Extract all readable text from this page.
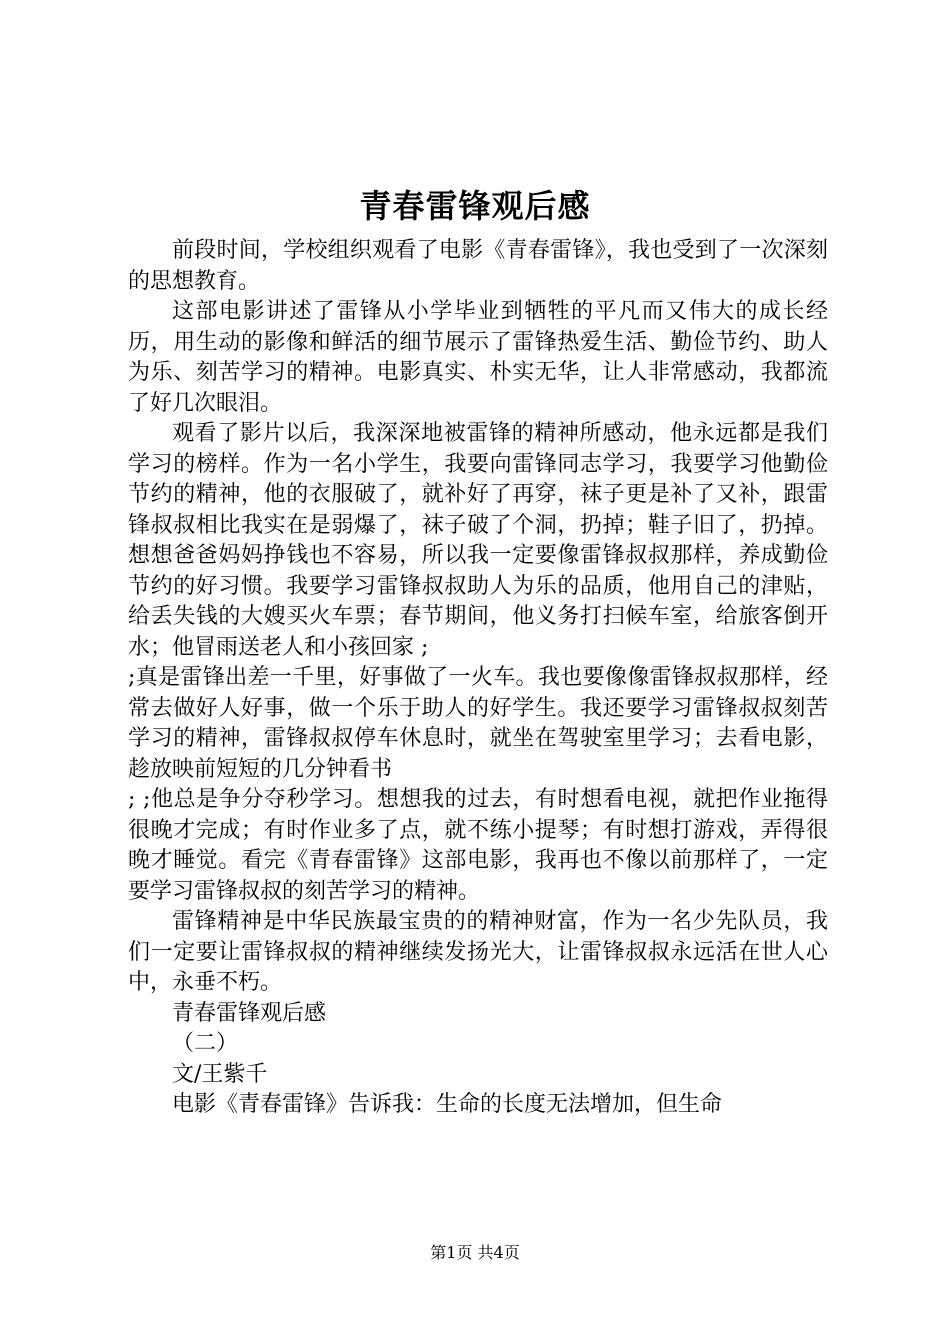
青春雷锋观后感

前段时间，学校组织观看了电影《青春雷锋》，我也受到了一次深刻的思想教育。

这部电影讲述了雷锋从小学毕业到牺牲的平凡而又伟大的成长经历，用生动的影像和鲜活的细节展示了雷锋热爱生活、勤俭节约、助人为乐、刻苦学习的精神。电影真实、朴实无华，让人非常感动，我都流了好几次眼泪。

观看了影片以后，我深深地被雷锋的精神所感动，他永远都是我们学习的榜样。作为一名小学生，我要向雷锋同志学习，我要学习他勤俭节约的精神，他的衣服破了，就补好了再穿，袜子更是补了又补，跟雷锋叔叔相比我实在是弱爆了，袜子破了个洞，扔掉；鞋子旧了，扔掉。想想爸爸妈妈挣钱也不容易，所以我一定要像雷锋叔叔那样，养成勤俭节约的好习惯。我要学习雷锋叔叔助人为乐的品质，他用自己的津贴，给丢失钱的大嫂买火车票；春节期间，他义务打扫候车室，给旅客倒开水；他冒雨送老人和小孩回家 ;
;真是雷锋出差一千里，好事做了一火车。我也要像像雷锋叔叔那样，经常去做好人好事，做一个乐于助人的好学生。我还要学习雷锋叔叔刻苦学习的精神，雷锋叔叔停车休息时，就坐在驾驶室里学习；去看电影，趁放映前短短的几分钟看书
; ;他总是争分夺秒学习。想想我的过去，有时想看电视，就把作业拖得很晚才完成；有时作业多了点，就不练小提琴；有时想打游戏，弄得很晚才睡觉。看完《青春雷锋》这部电影，我再也不像以前那样了，一定要学习雷锋叔叔的刻苦学习的精神。

雷锋精神是中华民族最宝贵的的精神财富，作为一名少先队员，我们一定要让雷锋叔叔的精神继续发扬光大，让雷锋叔叔永远活在世人心中，永垂不朽。

青春雷锋观后感

（二）

文/王紫千

电影《青春雷锋》告诉我：生命的长度无法增加，但生命

第1页 共4页
